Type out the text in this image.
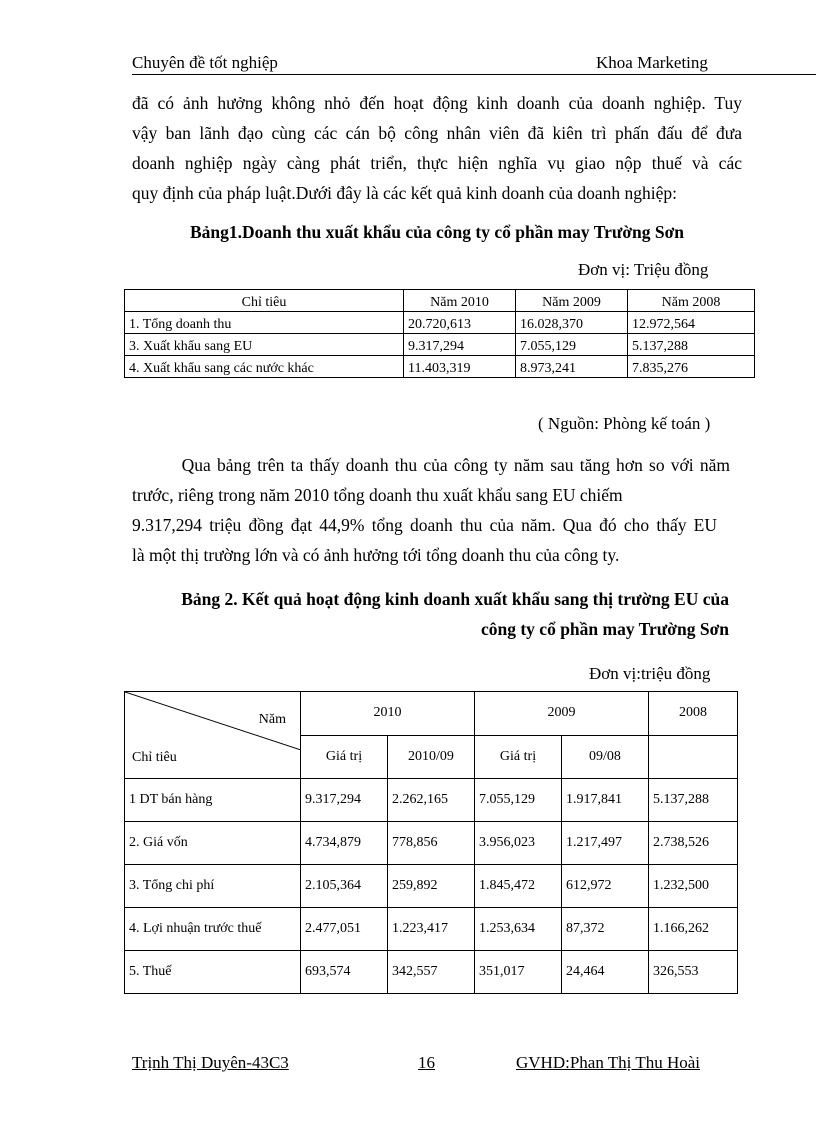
Chuyên đề tốt nghiệp	Khoa Marketing
đã có ảnh hưởng không nhỏ đến hoạt động kinh doanh của doanh nghiệp. Tuy
vậy ban lãnh đạo cùng các cán bộ công nhân viên đã kiên trì phấn đấu để đưa
doanh nghiệp ngày càng phát triển, thực hiện nghĩa vụ giao nộp thuế và các
quy định của pháp luật.Dưới đây là các kết quả kinh doanh của doanh nghiệp:
Bảng1.Doanh thu xuất khẩu của công ty cổ phần may Trường Sơn
Đơn vị: Triệu đồng
Chỉ tiêu	Năm 2010	Năm 2009	Năm 2008
1. Tổng doanh thu	20.720,613	16.028,370	12.972,564
3. Xuất khẩu sang EU	9.317,294	7.055,129	5.137,288
4. Xuất khẩu sang các nước khác	11.403,319	8.973,241	7.835,276
( Nguồn: Phòng kế toán )
Qua bảng trên ta thấy doanh thu của công ty năm sau tăng hơn so với năm
trước, riêng trong năm 2010 tổng doanh thu xuất khẩu sang EU chiếm
9.317,294 triệu đồng đạt 44,9% tổng doanh thu của năm. Qua đó cho thấy EU
là một thị trường lớn và có ảnh hưởng tới tổng doanh thu của công ty.
Bảng 2. Kết quả hoạt động kinh doanh xuất khẩu sang thị trường EU của
công ty cổ phần may Trường Sơn
Đơn vị:triệu đồng
Năm
Chỉ tiêu	2010		2009		2008
	Giá trị	2010/09	Giá trị	09/08	
1 DT bán hàng	9.317,294	2.262,165	7.055,129	1.917,841	5.137,288
2. Giá vốn	4.734,879	778,856	3.956,023	1.217,497	2.738,526
3. Tổng chi phí	2.105,364	259,892	1.845,472	612,972	1.232,500
4. Lợi nhuận trước thuế	2.477,051	1.223,417	1.253,634	87,372	1.166,262
5. Thuế	693,574	342,557	351,017	24,464	326,553
Trịnh Thị Duyên-43C3	16	GVHD:Phan Thị Thu Hoài
